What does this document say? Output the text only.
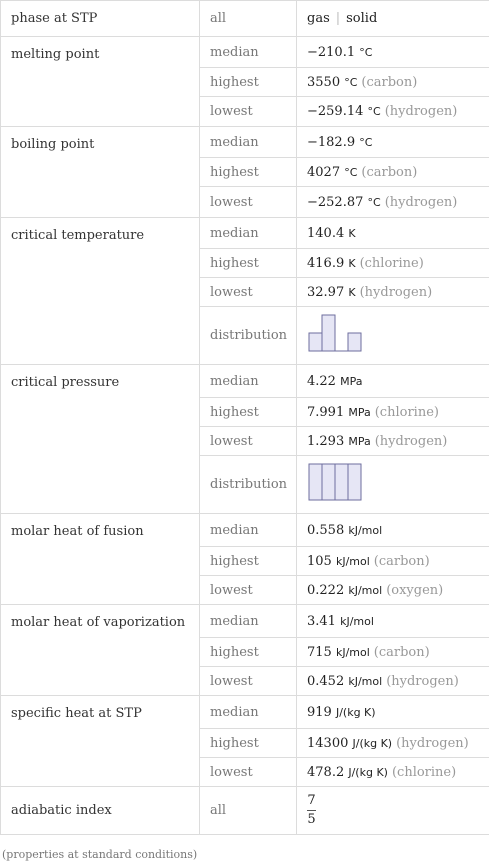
phase at STP	all	gas | solid
melting point	median	−210.1 °C
	highest	3550 °C (carbon)
	lowest	−259.14 °C (hydrogen)
boiling point	median	−182.9 °C
	highest	4027 °C (carbon)
	lowest	−252.87 °C (hydrogen)
critical temperature	median	140.4 K
	highest	416.9 K (chlorine)
	lowest	32.97 K (hydrogen)
	distribution	
critical pressure	median	4.22 MPa
	highest	7.991 MPa (chlorine)
	lowest	1.293 MPa (hydrogen)
	distribution	
molar heat of fusion	median	0.558 kJ/mol
	highest	105 kJ/mol (carbon)
	lowest	0.222 kJ/mol (oxygen)
molar heat of vaporization	median	3.41 kJ/mol
	highest	715 kJ/mol (carbon)
	lowest	0.452 kJ/mol (hydrogen)
specific heat at STP	median	919 J/(kg K)
	highest	14300 J/(kg K) (hydrogen)
	lowest	478.2 J/(kg K) (chlorine)
adiabatic index	all	$\frac{7}{5}$
(properties at standard conditions)
